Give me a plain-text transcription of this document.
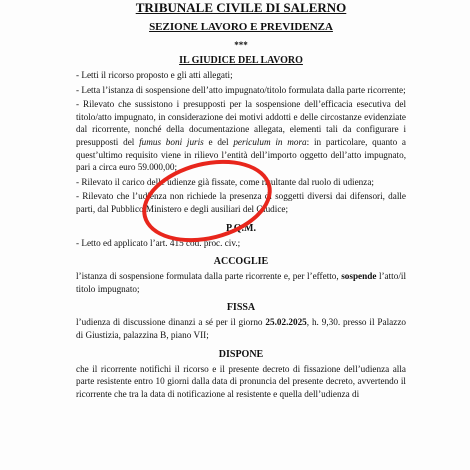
TRIBUNALE CIVILE DI SALERNO
SEZIONE LAVORO E PREVIDENZA
***
IL GIUDICE DEL LAVORO

- Letti il ricorso proposto e gli atti allegati;

- Letta l’istanza di sospensione dell’atto impugnato/titolo formulata dalla parte ricorrente;

- Rilevato che sussistono i presupposti per la sospensione dell’efficacia esecutiva del titolo/atto impugnato, in considerazione dei motivi addotti e delle circostanze evidenziate dal ricorrente, nonché della documentazione allegata, elementi tali da configurare i presupposti del fumus boni juris e del periculum in mora: in particolare, quanto a quest’ultimo requisito viene in rilievo l’entità dell’importo oggetto dell’atto impugnato, pari a circa euro 59.000,00;

- Rilevato il carico delle udienze già fissate, come risultante dal ruolo di udienza;

- Rilevato che l’udienza non richiede la presenza di soggetti diversi dai difensori, dalle parti, dal Pubblico Ministero e degli ausiliari del Giudice;

P.Q.M.

- Letto ed applicato l’art. 415 cod. proc. civ.;

ACCOGLIE

l’istanza di sospensione formulata dalla parte ricorrente e, per l’effetto, sospende l’atto/il titolo impugnato;

FISSA

l’udienza di discussione dinanzi a sé per il giorno 25.02.2025, h. 9,30. presso il Palazzo di Giustizia, palazzina B, piano VII;

DISPONE

che il ricorrente notifichi il ricorso e il presente decreto di fissazione dell’udienza alla parte resistente entro 10 giorni dalla data di pronuncia del presente decreto, avvertendo il ricorrente che tra la data di notificazione al resistente e quella dell’udienza di
